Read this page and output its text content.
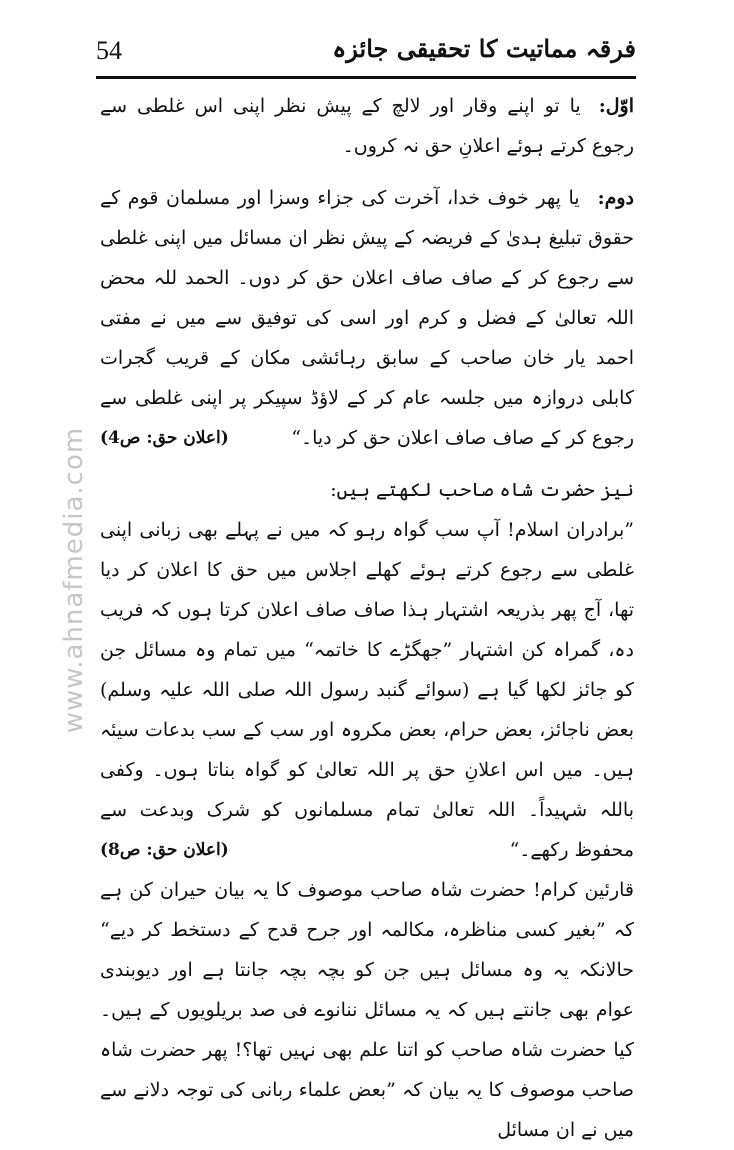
54	فرقہ مماتیت کا تحقیقی جائزہ
www.ahnafmedia.com

اوّل:یا تو اپنے وقار اور لالچ کے پیش نظر اپنی اس غلطی سے رجوع کرتے ہوئے اعلانِ حق نہ کروں۔

دوم:یا پھر خوف خدا، آخرت کی جزاء وسزا اور مسلمان قوم کے حقوق تبلیغ ہدیٰ کے فریضہ کے پیش نظر ان مسائل میں اپنی غلطی سے رجوع کر کے صاف صاف اعلان حق کر دوں۔ الحمد للہ محض اللہ تعالیٰ کے فضل و کرم اور اسی کی توفیق سے میں نے مفتی احمد یار خان صاحب کے سابق رہائشی مکان کے قریب گجرات کابلی دروازہ میں جلسہ عام کر کے لاؤڈ سپیکر پر اپنی غلطی سے رجوع کر کے صاف صاف اعلان حق کر دیا۔“
(اعلان حق: ص4)

نیز حضرت شاہ صاحب لکھتے ہیں:

”برادران اسلام! آپ سب گواہ رہو کہ میں نے پہلے بھی زبانی اپنی غلطی سے رجوع کرتے ہوئے کھلے اجلاس میں حق کا اعلان کر دیا تھا، آج پھر بذریعہ اشتہار ہذا صاف صاف اعلان کرتا ہوں کہ فریب دہ، گمراہ کن اشتہار ”جھگڑے کا خاتمہ“ میں تمام وہ مسائل جن کو جائز لکھا گیا ہے (سوائے گنبد رسول اللہ صلی اللہ علیہ وسلم) بعض ناجائز، بعض حرام، بعض مکروہ اور سب کے سب بدعات سیئہ ہیں۔ میں اس اعلانِ حق پر اللہ تعالیٰ کو گواہ بناتا ہوں۔ وکفی باللہ شہیداً۔ اللہ تعالیٰ تمام مسلمانوں کو شرک وبدعت سے محفوظ رکھے۔“
(اعلان حق: ص8)

قارئین کرام! حضرت شاہ صاحب موصوف کا یہ بیان حیران کن ہے کہ ”بغیر کسی مناظرہ، مکالمہ اور جرح قدح کے دستخط کر دیے“ حالانکہ یہ وہ مسائل ہیں جن کو بچہ بچہ جانتا ہے اور دیوبندی عوام بھی جانتے ہیں کہ یہ مسائل ننانوے فی صد بریلویوں کے ہیں۔ کیا حضرت شاہ صاحب کو اتنا علم بھی نہیں تھا؟! پھر حضرت شاہ صاحب موصوف کا یہ بیان کہ ”بعض علماء ربانی کی توجہ دلانے سے میں نے ان مسائل
